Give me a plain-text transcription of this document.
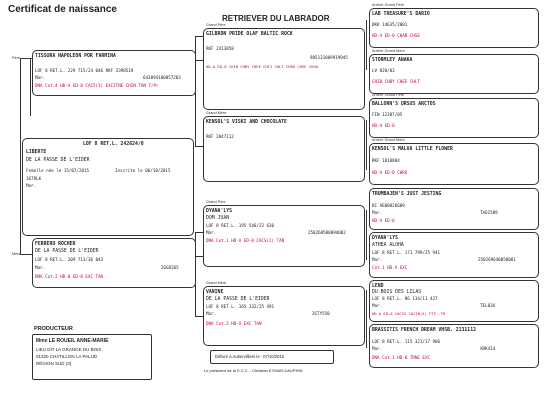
Certificat de naissance
RETRIEVER DU LABRADOR
Père
Mère
TISSURA NAPOLEON POR FARMINA
LOF 8 RET.L. 229 715/24 046 RKF 3398519
Mar.	643094100057203
DNA Cot.4 HD-A ED-0 CAC5(3) EXCITNE CHIN TAN TrPr
LOF 8 RET.L. 242624/0
LIBERTE
DE LA PASSE DE L'EIDER
Femelle née le 15/07/2015	Inscrite le 06/10/2015
167RLK
Mar.
FERRERO ROCHER
DE LA PASSE DE L'EIDER
LOF 8 RET.L. 209 713/36 843
Mar.	2GGR265
DNA Cot.2 HD-0 ED-0 EXC TAN
Grand Père
GILBRON PRIDE OLAF BALTIC ROCK
RKF 2413058
985121009919945
HD-A ED-0 CHIB CHBY CHEE CHFI CHLT CHRU CHSE CHUA
Grand Mère
KENSOL'S VISKI AND CHOCOLATE
RKF 2047112
Grand Père
DYANA'LYS
DOM JUAN
LOF 8 RET.L. 195 546/22 630
Mar.	250268500094002
DNA Cot.1 HD-A ED-0 CACS(2) TAN
Grand Mère
VANINE
DE LA PASSE DE L'EIDER
LOF 8 RET.L. 165 132/25 491
Mar.	2GTY550
DNA Cot.2 HD-A EXC TAN
Arrière Grand Père
LAB TREASURE'S DARIO
DKK 14635/2001
HD-A ED-0 CHAB CHSE
Arrière Grand Mère
STORMLEY ANAKA
LV 820/03
CHIB CHBY CHEE CHLT
Arrière Grand Père
BALLORN'S URSUS ARCTOS
FIN 12387/05
HD-A ED-0
Arrière Grand Mère
KENSOL'S MALVA LITTLE FLOWER
RKF 1810884
HD-A ED-0 CHRU
TRUMBAJEN'S JUST JESTING
KC AE00826609
Mar.	TAO1509
HD-A ED-0
DYANA'LYS
ATHEA ALOHA
LOF 8 RET.L. 171 799/25 941
Mar.	250269640050081
Cot.1 HD-A EXC
LEND
DU BOIS DES LILAS
LOF 8 RET.L. 86 134/11 427
Mar.	TEL036
HD-A ED-A CACIS CACIB(4) FTF--TR
BRASSITIS FRENCH DREAM VHSB. 2131112
LOF 8 RET.L. 115 321/17 906
Mar.	XRK414
DNA Cot.1 HD-0 TRNE EXC
PRODUCTEUR
Mme LE ROUEIL ANNE-MARIE
LIEU DIT LA GRANGE DU BOIS
01320 CHATILLON LA PALUD
RÉGION SUD (3)
Délivré à Aubervilliers le : 07/10/2015
Le président de la S.C.C. : Christian EYMAR-DAUPHIN
